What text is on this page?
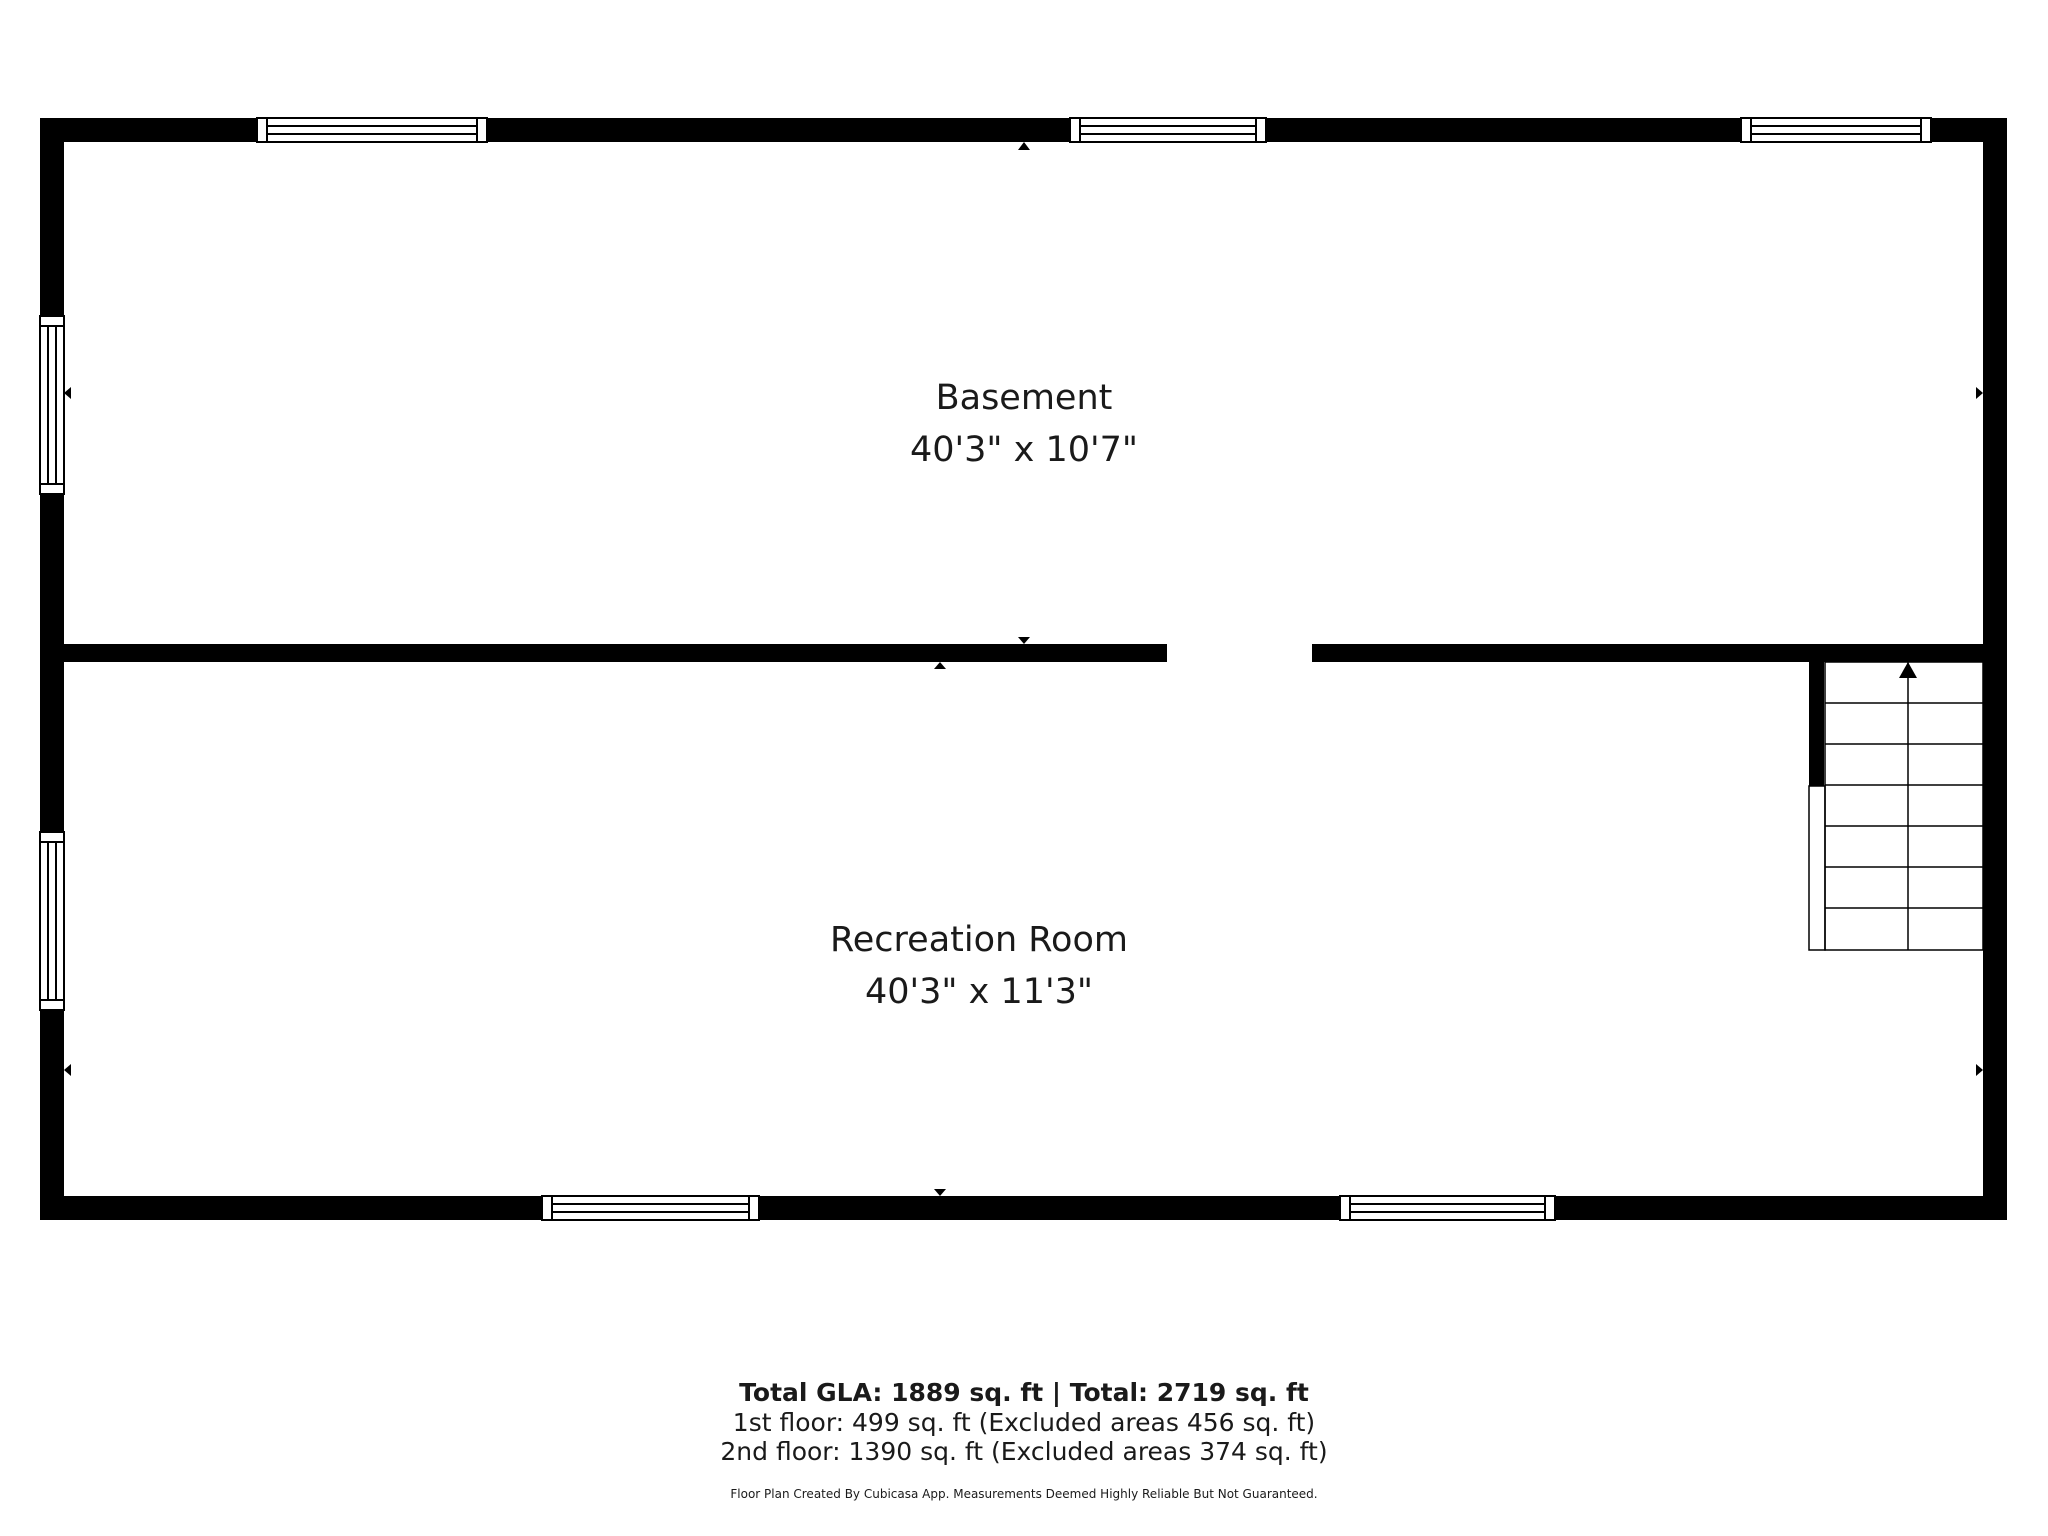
Basement
40'3" x 10'7"
Recreation Room
40'3" x 11'3"
Total GLA: 1889 sq. ft | Total: 2719 sq. ft
1st floor: 499 sq. ft (Excluded areas 456 sq. ft)
2nd floor: 1390 sq. ft (Excluded areas 374 sq. ft)
Floor Plan Created By Cubicasa App. Measurements Deemed Highly Reliable But Not Guaranteed.
